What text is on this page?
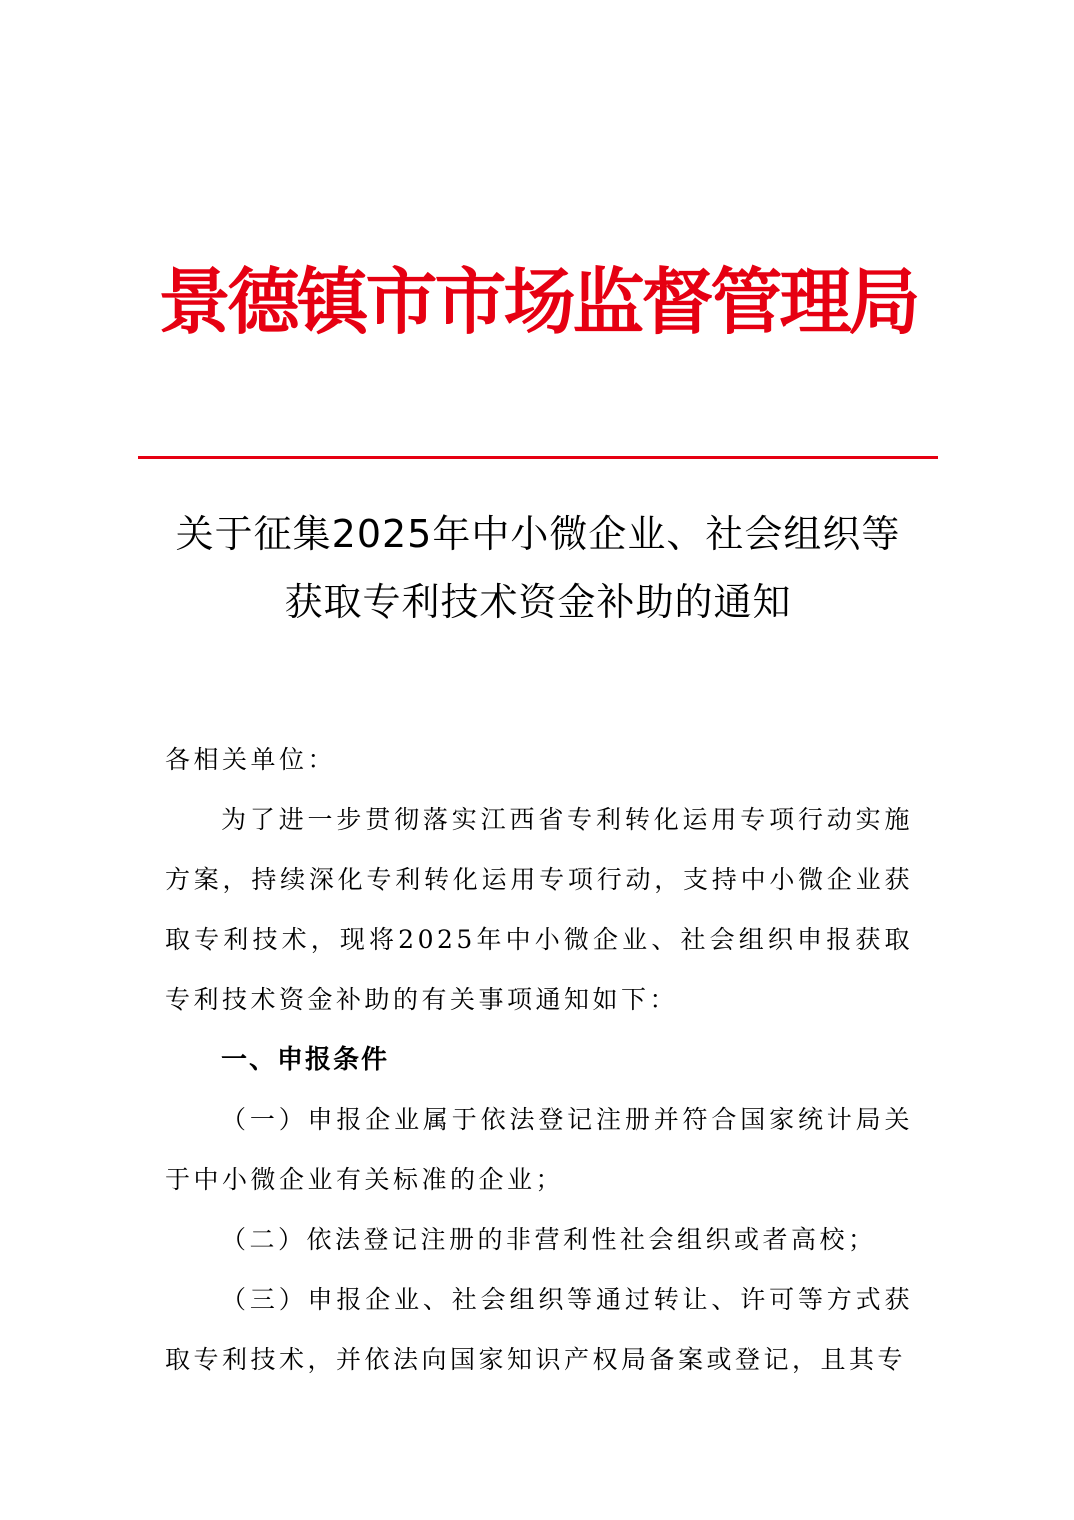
景德镇市市场监督管理局
关于征集2025年中小微企业、社会组织等
获取专利技术资金补助的通知

各相关单位：

为了进一步贯彻落实江西省专利转化运用专项行动实施方案，持续深化专利转化运用专项行动，支持中小微企业获取专利技术，现将2025年中小微企业、社会组织申报获取专利技术资金补助的有关事项通知如下：

一、申报条件

（一）申报企业属于依法登记注册并符合国家统计局关于中小微企业有关标准的企业；

（二）依法登记注册的非营利性社会组织或者高校；

（三）申报企业、社会组织等通过转让、许可等方式获取专利技术，并依法向国家知识产权局备案或登记，且其专
